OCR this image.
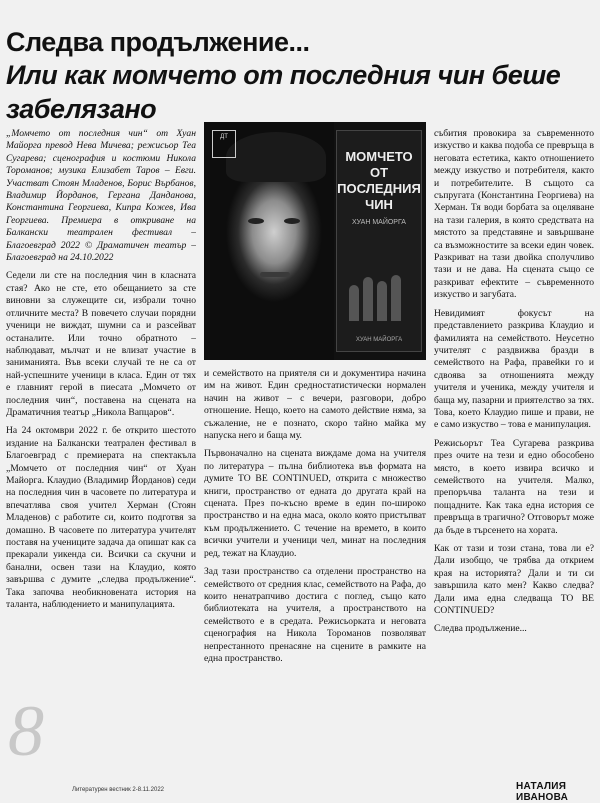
Следва продължение...
Или как момчето от последния чин беше забелязано

„Момчето от последния чин“ от Хуан Майорга превод Нева Мичева; режисьор Теа Сугарева; сценография и костюми Никола Тороманов; музика Елизабет Таров – Евги. Участват Стоян Младенов, Борис Върбанов, Владимир Йорданов, Гергана Данданова, Константина Георгиева, Кипра Кожев, Ива Георгиева. Премиера в откриване на Балкански театрален фестивал – Благоевград 2022 © Драматичен театър – Благоевград на 24.10.2022

Седели ли сте на последния чин в класната стая? Ако не сте, ето обещанието за сте виновни за служещите си, избрали точно отличните места? В повечето случаи порядни ученици не виждат, шумни са и разсейват останалите. Или точно обратното – наблюдават, мълчат и не влизат участие в заниманията. Във всеки случай те не са от най-успешните ученици в класа. Един от тях е главният герой в пиесата „Момчето от последния чин“, поставена на сцената на Драматичния театър „Никола Вапцаров“.

На 24 октомври 2022 г. бе открито шестото издание на Балкански театрален фестивал в Благоевград с премиерата на спектакъла „Момчето от последния чин“ от Хуан Майорга. Клаудио (Владимир Йорданов) седи на последния чин в часовете по литература и впечатлява своя учител Херман (Стоян Младенов) с работите си, които подготвя за домашно. В часовете по литература учителят поставя на учениците задача да опишат как са прекарали уикенда си. Всички са скучни и банални, освен тази на Клаудио, която завършва с думите „следва продължение“. Така започва необикновената история на таланта, наблюдението и манипулацията.

ДТ
МОМЧЕТО
ОТ ПОСЛЕДНИЯ
ЧИН
ХУАН МАЙОРГА
ХУАН МАЙОРГА

и семейството на приятеля си и документира начина им на живот. Един средностатистически нормален начин на живот – с вечери, разговори, добро отношение. Нещо, което на самото действие няма, за съжаление, не е познато, скоро тайно майка му напуска него и баща му.

Първоначално на сцената виждаме дома на учителя по литература – пълна библиотека във формата на думите TO BE CONTINUED, открита с множество книги, пространство от едната до другата край на сцената. През по-късно време в един по-широко пространство и на една маса, около която пристъпват към продължението. С течение на времето, в които всички учители и ученици чел, минат на последния ред, тежат на Клаудио.

Зад тази пространство са отделени пространство на семейството от средния клас, семейството на Рафа, до които ненатрапчиво достига с поглед, също като библиотеката на учителя, а пространството на семейството е в средата. Режисьорката и неговата сценография на Никола Тороманов позволяват непрестанното пренасяне на сцените в рамките на една пространство.

събития провокира за съвременното изкуство и каква подоба се превръща в неговата естетика, както отношението между изкуство и потребителя, както и потребителите. В същото са съпругата (Константина Георгиева) на Херман. Тя води борбата за оцеляване на тази галерия, в която средствата на мястото за представяне и завършване са възможностите за всеки един човек. Разкриват на тази двойка сполучливо тази и не дава. На сцената също се разкриват ефектите – съвременното изкуство и загубата.

Невидимият фокусът на представлението разкрива Клаудио и фамилията на семейството. Неусетно учителят с раздвижва бразди в семейството на Рафа, правейки го и сдвоява за отношенията между учителя и ученика, между учителя и баща му, пазарни и приятелство за тях. Това, което Клаудио пише и прави, не е само изкуство – това е манипулация.

Режисьорът Теа Сугарева разкрива през очите на тези и едно обособено място, в което извира всичко и семейството на учителя. Малко, препоръчва таланта на тези и пощадните. Как така една история се превръща в трагично? Отговорът може да бъде в търсенето на хората.

Как от тази и този стана, това ли е? Дали изобщо, че трябва да открием края на историята? Дали и ти си завършила като мен? Какво следва? Дали има една следваща TO BE CONTINUED?

Следва продължение...

8
Литературен вестник 2-8.11.2022	НАТАЛИЯ ИВАНОВА
